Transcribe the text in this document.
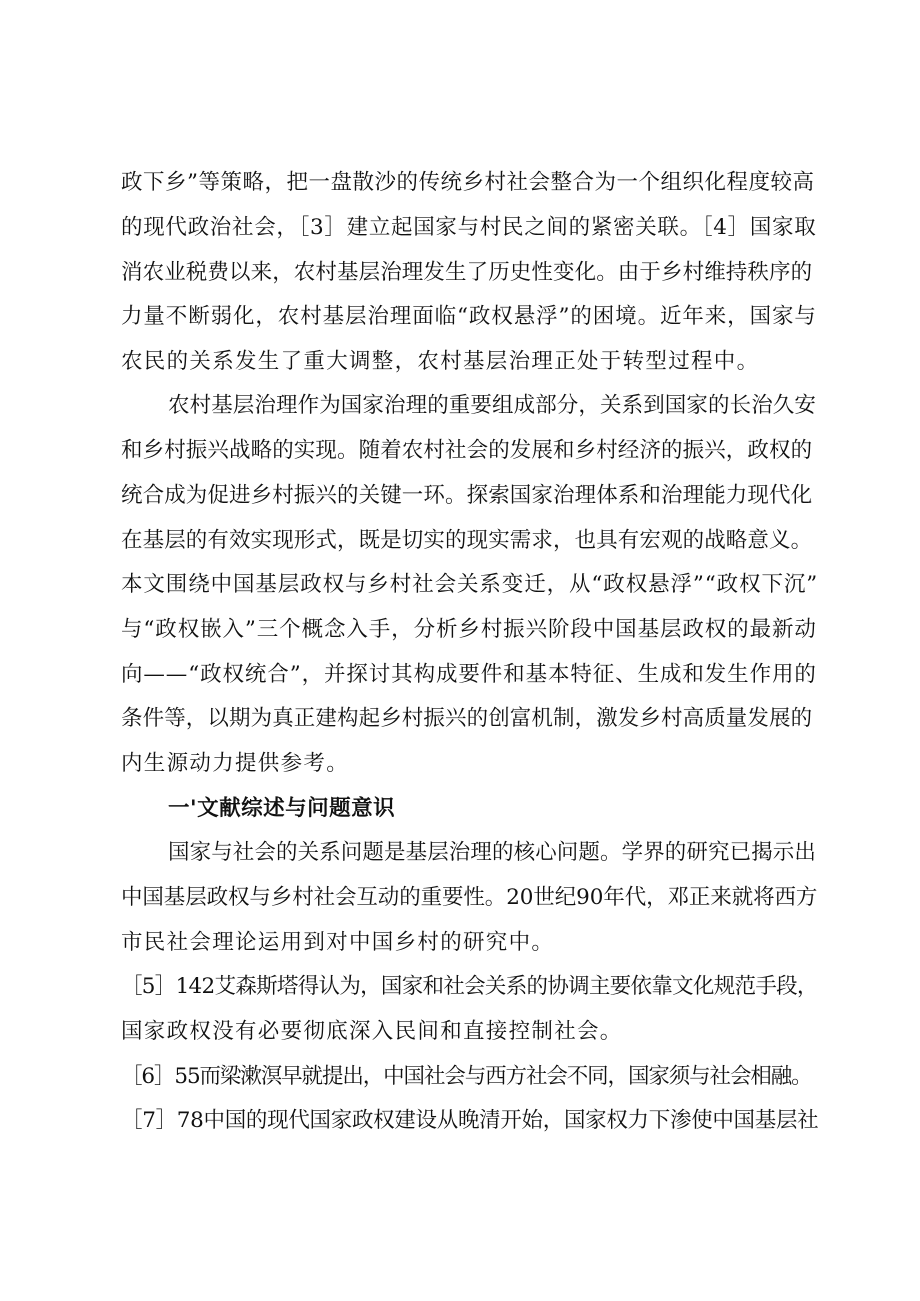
政下乡”等策略，把一盘散沙的传统乡村社会整合为一个组织化程度较高
的现代政治社会，［3］建立起国家与村民之间的紧密关联。［4］国家取
消农业税费以来，农村基层治理发生了历史性变化。由于乡村维持秩序的
力量不断弱化，农村基层治理面临“政权悬浮”的困境。近年来，国家与
农民的关系发生了重大调整，农村基层治理正处于转型过程中。
农村基层治理作为国家治理的重要组成部分，关系到国家的长治久安
和乡村振兴战略的实现。随着农村社会的发展和乡村经济的振兴，政权的
统合成为促进乡村振兴的关键一环。探索国家治理体系和治理能力现代化
在基层的有效实现形式，既是切实的现实需求，也具有宏观的战略意义。
本文围绕中国基层政权与乡村社会关系变迁，从“政权悬浮”“政权下沉”
与“政权嵌入”三个概念入手，分析乡村振兴阶段中国基层政权的最新动
向——“政权统合”，并探讨其构成要件和基本特征、生成和发生作用的
条件等，以期为真正建构起乡村振兴的创富机制，激发乡村高质量发展的
内生源动力提供参考。
一'文献综述与问题意识
国家与社会的关系问题是基层治理的核心问题。学界的研究已揭示出
中国基层政权与乡村社会互动的重要性。20世纪90年代，邓正来就将西方
市民社会理论运用到对中国乡村的研究中。
［5］142艾森斯塔得认为，国家和社会关系的协调主要依靠文化规范手段，
国家政权没有必要彻底深入民间和直接控制社会。
［6］55而梁漱溟早就提出，中国社会与西方社会不同，国家须与社会相融。
［7］78中国的现代国家政权建设从晚清开始，国家权力下渗使中国基层社
